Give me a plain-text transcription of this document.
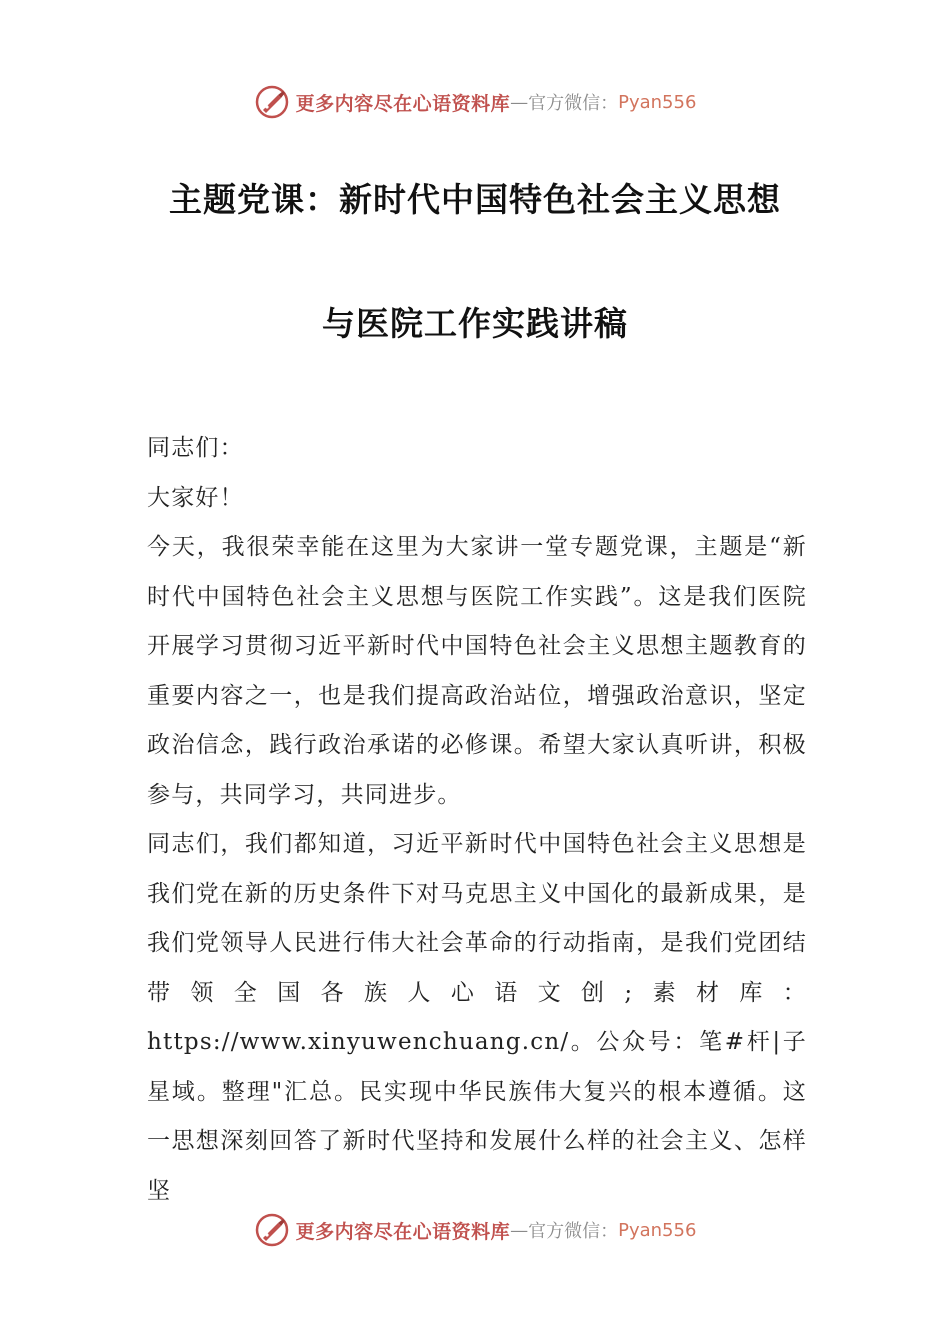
更多内容尽在心语资料库 — 官方微信： Pyan556
主题党课：新时代中国特色社会主义思想
与医院工作实践讲稿

同志们：

大家好！

今天，我很荣幸能在这里为大家讲一堂专题党课，主题是“新时代中国特色社会主义思想与医院工作实践”。这是我们医院开展学习贯彻习近平新时代中国特色社会主义思想主题教育的重要内容之一，也是我们提高政治站位，增强政治意识，坚定政治信念，践行政治承诺的必修课。希望大家认真听讲，积极参与，共同学习，共同进步。

同志们，我们都知道，习近平新时代中国特色社会主义思想是我们党在新的历史条件下对马克思主义中国化的最新成果，是我们党领导人民进行伟大社会革命的行动指南，是我们党团结带领全国各族人心语文创;素材库：https://www.xinyuwenchuang.cn/。公众号：笔#杆|子星域。整理"汇总。民实现中华民族伟大复兴的根本遵循。这一思想深刻回答了新时代坚持和发展什么样的社会主义、怎样坚

更多内容尽在心语资料库 — 官方微信： Pyan556
